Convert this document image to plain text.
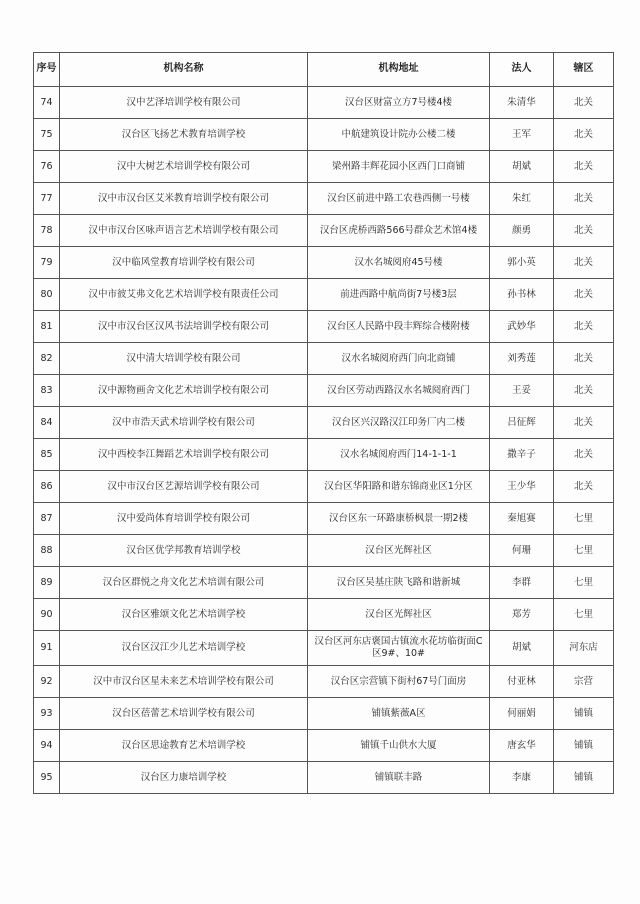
序号	机构名称	机构地址	法人	辖区
74	汉中艺泽培训学校有限公司	汉台区财富立方7号楼4楼	朱清华	北关
75	汉台区飞扬艺术教育培训学校	中航建筑设计院办公楼二楼	王军	北关
76	汉中大树艺术培训学校有限公司	梁州路丰辉花园小区西门口商铺	胡斌	北关
77	汉中市汉台区艾米教育培训学校有限公司	汉台区前进中路工农巷西侧一号楼	朱红	北关
78	汉中市汉台区咏声语言艺术培训学校有限公司	汉台区虎桥西路566号群众艺术馆4楼	颜勇	北关
79	汉中临风堂教育培训学校有限公司	汉水名城阅府45号楼	郭小英	北关
80	汉中市彼艾弗文化艺术培训学校有限责任公司	前进西路中航尚街7号楼3层	孙书林	北关
81	汉中市汉台区汉风书法培训学校有限公司	汉台区人民路中段丰辉综合楼附楼	武妙华	北关
82	汉中清大培训学校有限公司	汉水名城阅府西门向北商铺	刘秀莲	北关
83	汉中源物画舍文化艺术培训学校有限公司	汉台区劳动西路汉水名城阅府西门	王妥	北关
84	汉中市浩天武术培训学校有限公司	汉台区兴汉路汉江印务厂内二楼	吕征辉	北关
85	汉中西校李江舞蹈艺术培训学校有限公司	汉水名城阅府西门14-1-1-1	撒辛子	北关
86	汉中市汉台区艺源培训学校有限公司	汉台区华阳路和谐东锦商业区1分区	王少华	北关
87	汉中爱尚体育培训学校有限公司	汉台区东一环路康桥枫景一期2楼	秦旭赛	七里
88	汉台区优学邦教育培训学校	汉台区光辉社区	何珊	七里
89	汉台区群悦之舟文化艺术培训有限公司	汉台区吴基庄陕飞路和谐新城	李群	七里
90	汉台区雅颂文化艺术培训学校	汉台区光辉社区	郑芳	七里
91	汉台区汉江少儿艺术培训学校	汉台区河东店褒国古镇流水花坊临街面C区9#、10#	胡斌	河东店
92	汉中市汉台区星未来艺术培训学校有限公司	汉台区宗营镇下街村67号门面房	付亚林	宗营
93	汉台区蓓蕾艺术培训学校有限公司	铺镇紫薇A区	何丽娟	铺镇
94	汉台区思途教育艺术培训学校	铺镇千山供水大厦	唐玄华	铺镇
95	汉台区力康培训学校	铺镇联丰路	李康	铺镇
